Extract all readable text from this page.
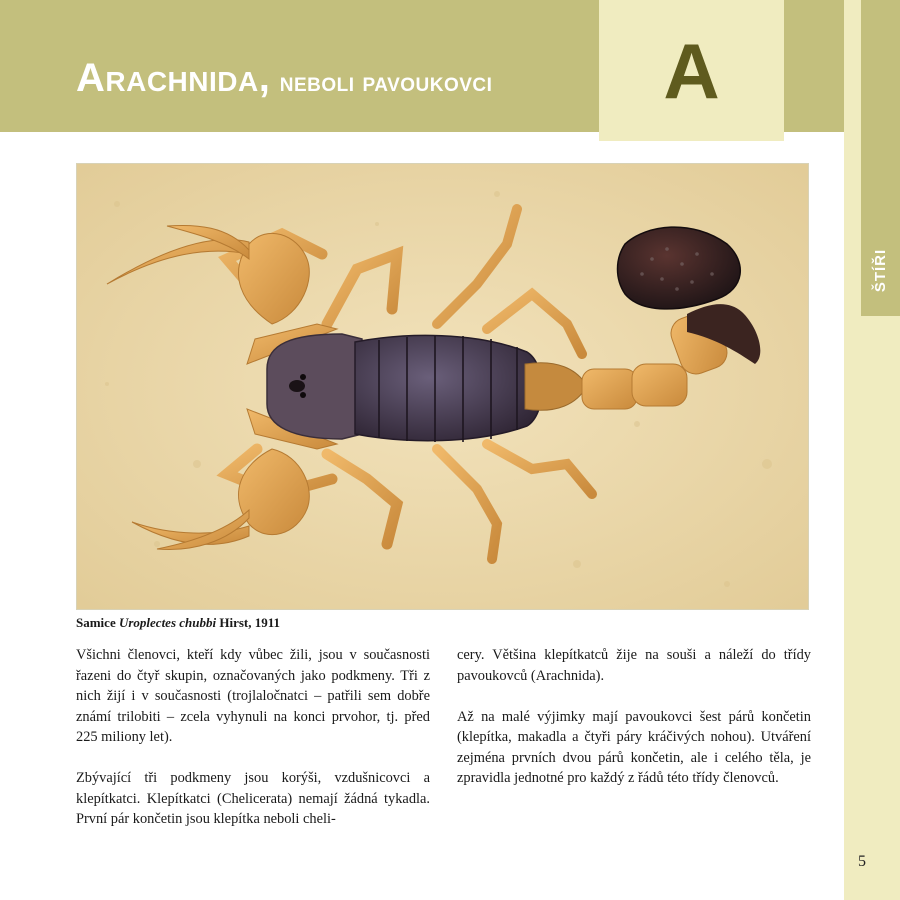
Arachnida, neboli pavoukovci A
ŠTÍŘI
Samice Uroplectes chubbi Hirst, 1911

Všichni členovci, kteří kdy vůbec žili, jsou v současnosti řazeni do čtyř skupin, označovaných jako podkmeny. Tři z nich žijí i v současnosti (trojlaločnatci – patřili sem dobře známí trilobiti – zcela vyhynuli na konci prvohor, tj. před 225 miliony let).

Zbývající tři podkmeny jsou korýši, vzdušnicovci a klepítkatci. Klepítkatci (Chelicerata) nemají žádná tykadla. První pár končetin jsou klepítka neboli cheli-

cery. Většina klepítkatců žije na souši a náleží do třídy pavoukovců (Arachnida).

Až na malé výjimky mají pavoukovci šest párů končetin (klepítka, makadla a čtyři páry kráčivých nohou). Utváření zejména prvních dvou párů končetin, ale i celého těla, je zpravidla jednotné pro každý z řádů této třídy členovců.

5
